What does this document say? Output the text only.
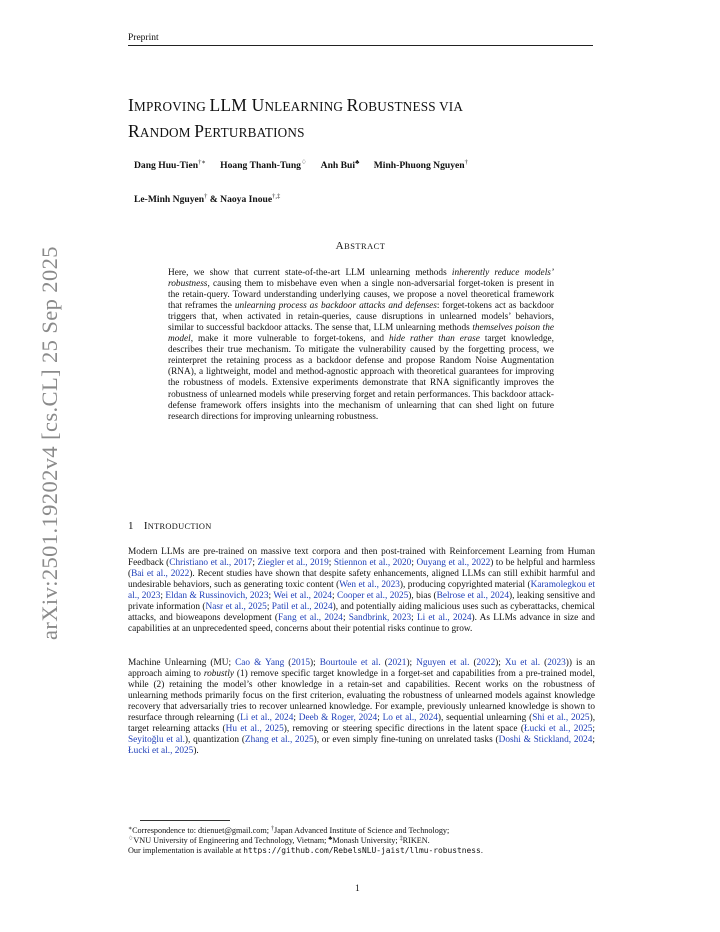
Preprint
IMPROVING LLM UNLEARNING ROBUSTNESS VIA
RANDOM PERTURBATIONS
Dang Huu-Tien†∗ Hoang Thanh-Tung♢ Anh Bui♣ Minh-Phuong Nguyen†
Le-Minh Nguyen† & Naoya Inoue†,‡
ABSTRACT
Here, we show that current state-of-the-art LLM unlearning methods inherently reduce models’ robustness, causing them to misbehave even when a single non-adversarial forget-token is present in the retain-query. Toward understanding underlying causes, we propose a novel theoretical framework that reframes the unlearning process as backdoor attacks and defenses: forget-tokens act as backdoor triggers that, when activated in retain-queries, cause disruptions in unlearned models’ behaviors, similar to successful backdoor attacks. The sense that, LLM unlearning methods themselves poison the model, make it more vulnerable to forget-tokens, and hide rather than erase target knowledge, describes their true mechanism. To mitigate the vulnerability caused by the forgetting process, we reinterpret the retaining process as a backdoor defense and propose Random Noise Augmentation (RNA), a lightweight, model and method-agnostic approach with theoretical guarantees for improving the robustness of models. Extensive experiments demonstrate that RNA significantly improves the robustness of unlearned models while preserving forget and retain performances. This backdoor attack-defense framework offers insights into the mechanism of unlearning that can shed light on future research directions for improving unlearning robustness.
1 INTRODUCTION
Modern LLMs are pre-trained on massive text corpora and then post-trained with Reinforcement Learning from Human Feedback (Christiano et al., 2017; Ziegler et al., 2019; Stiennon et al., 2020; Ouyang et al., 2022) to be helpful and harmless (Bai et al., 2022). Recent studies have shown that despite safety enhancements, aligned LLMs can still exhibit harmful and undesirable behaviors, such as generating toxic content (Wen et al., 2023), producing copyrighted material (Karamolegkou et al., 2023; Eldan & Russinovich, 2023; Wei et al., 2024; Cooper et al., 2025), bias (Belrose et al., 2024), leaking sensitive and private information (Nasr et al., 2025; Patil et al., 2024), and potentially aiding malicious uses such as cyberattacks, chemical attacks, and bioweapons development (Fang et al., 2024; Sandbrink, 2023; Li et al., 2024). As LLMs advance in size and capabilities at an unprecedented speed, concerns about their potential risks continue to grow.
Machine Unlearning (MU; Cao & Yang (2015); Bourtoule et al. (2021); Nguyen et al. (2022); Xu et al. (2023)) is an approach aiming to robustly (1) remove specific target knowledge in a forget-set and capabilities from a pre-trained model, while (2) retaining the model’s other knowledge in a retain-set and capabilities. Recent works on the robustness of unlearning methods primarily focus on the first criterion, evaluating the robustness of unlearned models against knowledge recovery that adversarially tries to recover unlearned knowledge. For example, previously unlearned knowledge is shown to resurface through relearning (Li et al., 2024; Deeb & Roger, 2024; Lo et al., 2024), sequential unlearning (Shi et al., 2025), target relearning attacks (Hu et al., 2025), removing or steering specific directions in the latent space (Łucki et al., 2025; Seyitoğlu et al.), quantization (Zhang et al., 2025), or even simply fine-tuning on unrelated tasks (Doshi & Stickland, 2024; Łucki et al., 2025).
∗Correspondence to: dtienuet@gmail.com; †Japan Advanced Institute of Science and Technology;
♢VNU University of Engineering and Technology, Vietnam; ♣Monash University; ‡RIKEN.
Our implementation is available at https://github.com/RebelsNLU-jaist/llmu-robustness.
1
arXiv:2501.19202v4 [cs.CL] 25 Sep 2025
